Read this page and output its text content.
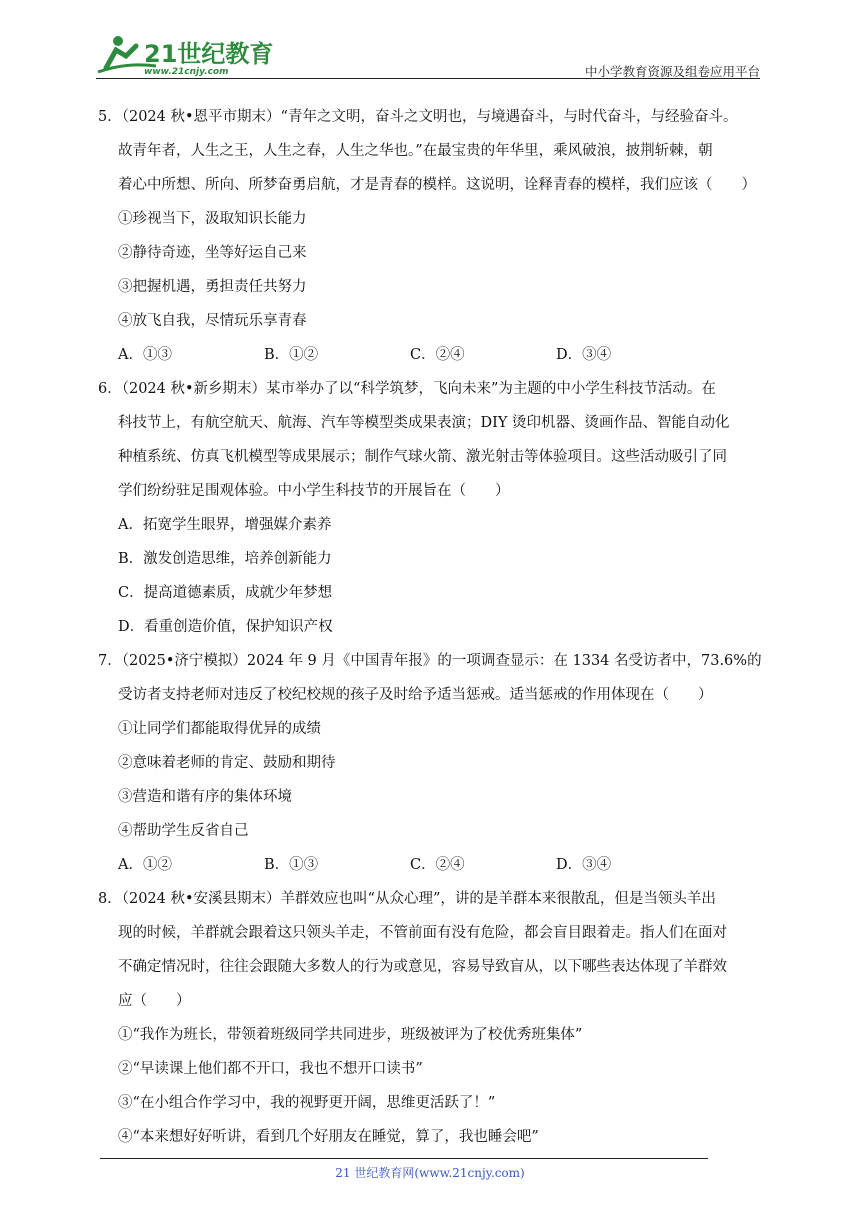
21世纪教育
www.21cnjy.com	中小学教育资源及组卷应用平台
5．（2024 秋•恩平市期末）“青年之文明，奋斗之文明也，与境遇奋斗，与时代奋斗，与经验奋斗。
故青年者，人生之王，人生之春，人生之华也。”在最宝贵的年华里，乘风破浪，披荆斩棘，朝
着心中所想、所向、所梦奋勇启航，才是青春的模样。这说明，诠释青春的模样，我们应该（　　）
①珍视当下，汲取知识长能力
②静待奇迹，坐等好运自己来
③把握机遇，勇担责任共努力
④放飞自我，尽情玩乐享青春
A．①③	B．①②	C．②④	D．③④
6．（2024 秋•新乡期末）某市举办了以“科学筑梦，飞向未来”为主题的中小学生科技节活动。在
科技节上，有航空航天、航海、汽车等模型类成果表演；DIY 烫印机器、烫画作品、智能自动化
种植系统、仿真飞机模型等成果展示；制作气球火箭、激光射击等体验项目。这些活动吸引了同
学们纷纷驻足围观体验。中小学生科技节的开展旨在（　　）
A．拓宽学生眼界，增强媒介素养
B．激发创造思维，培养创新能力
C．提高道德素质，成就少年梦想
D．看重创造价值，保护知识产权
7．（2025•济宁模拟）2024 年 9 月《中国青年报》的一项调查显示：在 1334 名受访者中，73.6%的
受访者支持老师对违反了校纪校规的孩子及时给予适当惩戒。适当惩戒的作用体现在（　　）
①让同学们都能取得优异的成绩
②意味着老师的肯定、鼓励和期待
③营造和谐有序的集体环境
④帮助学生反省自己
A．①②	B．①③	C．②④	D．③④
8．（2024 秋•安溪县期末）羊群效应也叫“从众心理”，讲的是羊群本来很散乱，但是当领头羊出
现的时候，羊群就会跟着这只领头羊走，不管前面有没有危险，都会盲目跟着走。指人们在面对
不确定情况时，往往会跟随大多数人的行为或意见，容易导致盲从，以下哪些表达体现了羊群效
应（　　）
①“我作为班长，带领着班级同学共同进步，班级被评为了校优秀班集体”
②“早读课上他们都不开口，我也不想开口读书”
③“在小组合作学习中，我的视野更开阔，思维更活跃了！”
④“本来想好好听讲，看到几个好朋友在睡觉，算了，我也睡会吧”
21 世纪教育网(www.21cnjy.com)
